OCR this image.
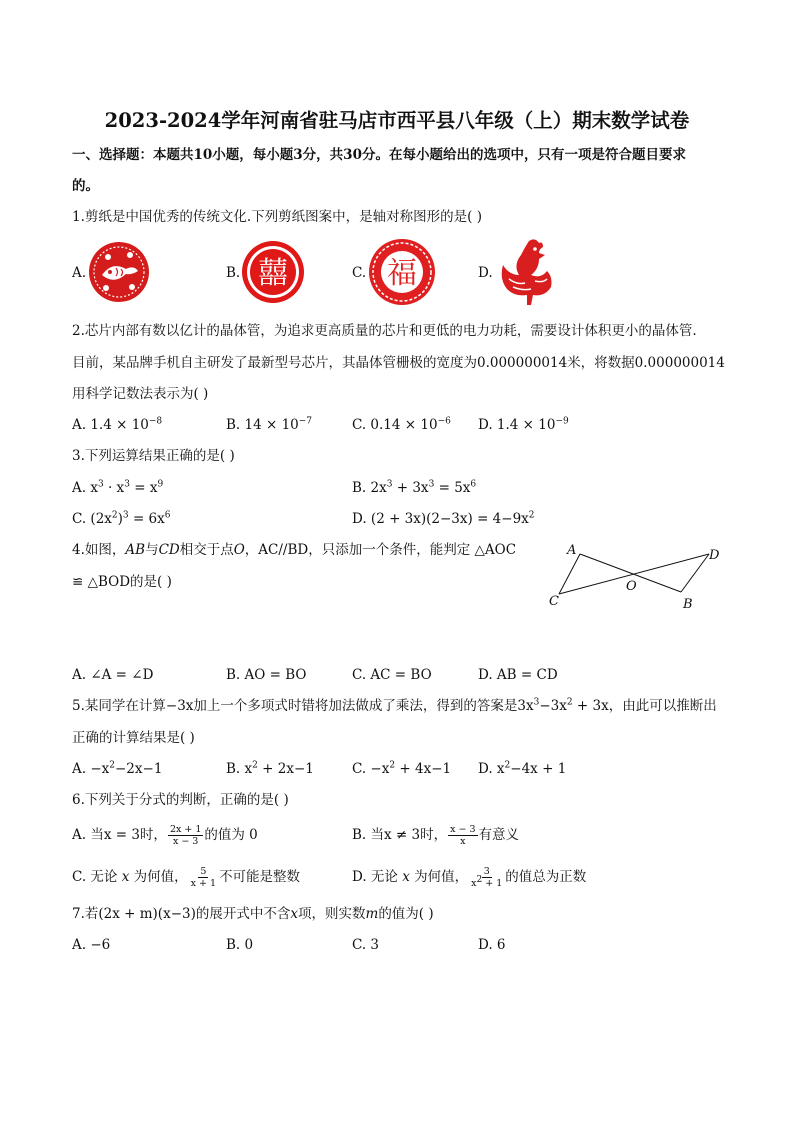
2023-2024学年河南省驻马店市西平县八年级（上）期末数学试卷
一、选择题：本题共10小题，每小题3分，共30分。在每小题给出的选项中，只有一项是符合题目要求
的。
1.剪纸是中国优秀的传统文化.下列剪纸图案中，是轴对称图形的是( )
A.	B. 囍	C. 福	D.
2.芯片内部有数以亿计的晶体管，为追求更高质量的芯片和更低的电力功耗，需要设计体积更小的晶体管.
目前，某品牌手机自主研发了最新型号芯片，其晶体管栅极的宽度为0.000000014米，将数据0.000000014
用科学记数法表示为( )
A. $1.4 \times 10^{-8}$	B. $14 \times 10^{-7}$	C. $0.14 \times 10^{-6}$ D. $1.4 \times 10^{-9}$
3.下列运算结果正确的是( )
A. $x^3 \cdot x^3 = x^9$	B. $2x^3 + 3x^3 = 5x^6$
C. $(2x^2)^3 = 6x^6$	D. $(2 + 3x)(2-3x) = 4-9x^2$
4.如图，AB与CD相交于点O，AC//BD，只添加一个条件，能判定 △AOC
≌ △BOD的是( )
A
C
O
B
D
A. ∠A = ∠D	B. AO = BO	C. AC = BO	D. AB = CD
5.某同学在计算−3x加上一个多项式时错将加法做成了乘法，得到的答案是$3x^3-3x^2 + 3x$，由此可以推断出
正确的计算结果是( )
A. $-x^2-2x-1$	B. $x^2 + 2x-1$	C. $-x^2 + 4x-1$ D. $x^2-4x + 1$
6.下列关于分式的判断，正确的是( )
A. 当x = 3时， $\frac{2x + 1}{x - 3}$ 的值为 0	B. 当x ≠ 3时， $\frac{x - 3}{x}$ 有意义
C. 无论 x 为何值， $\frac{5}{x + 1}$ 不可能是整数	D. 无论 x 为何值， $\frac{3}{x^2 + 1}$ 的值总为正数
7.若(2x + m)(x−3)的展开式中不含x项，则实数m的值为( )
A. −6	B. 0	C. 3	D. 6
